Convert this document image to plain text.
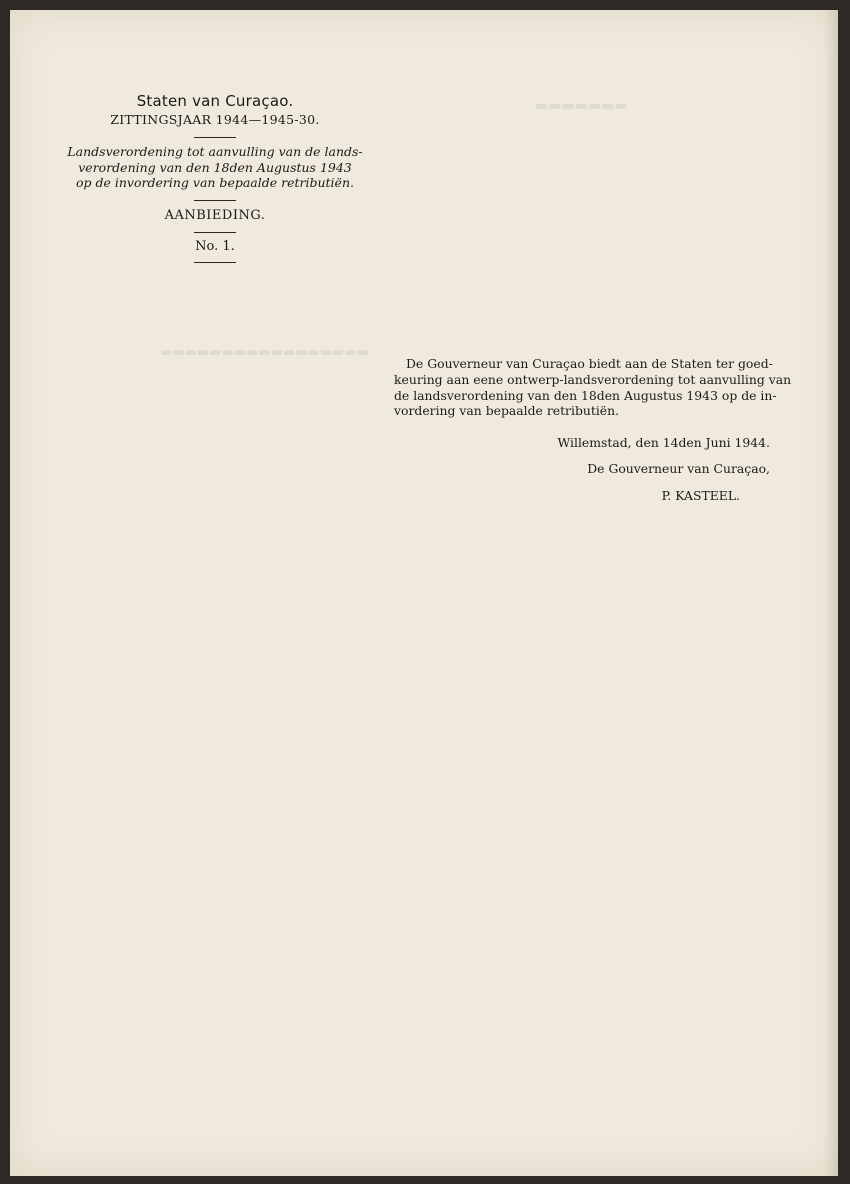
▬▬▬▬▬▬▬
▬▬▬▬▬▬▬▬▬▬▬▬▬▬▬▬▬

Staten van Curaçao.

ZITTINGSJAAR 1944—1945-30.

Landsverordening tot aanvulling van de lands-
verordening van den 18den Augustus 1943
op de invordering van bepaalde retributiën.

AANBIEDING.

No. 1.

De Gouverneur van Curaçao biedt aan de Staten ter goed-
keuring aan eene ontwerp-landsverordening tot aanvulling van
de landsverordening van den 18den Augustus 1943 op de in-
vordering van bepaalde retributiën.

Willemstad, den 14den Juni 1944.

De Gouverneur van Curaçao,

P. KASTEEL.
